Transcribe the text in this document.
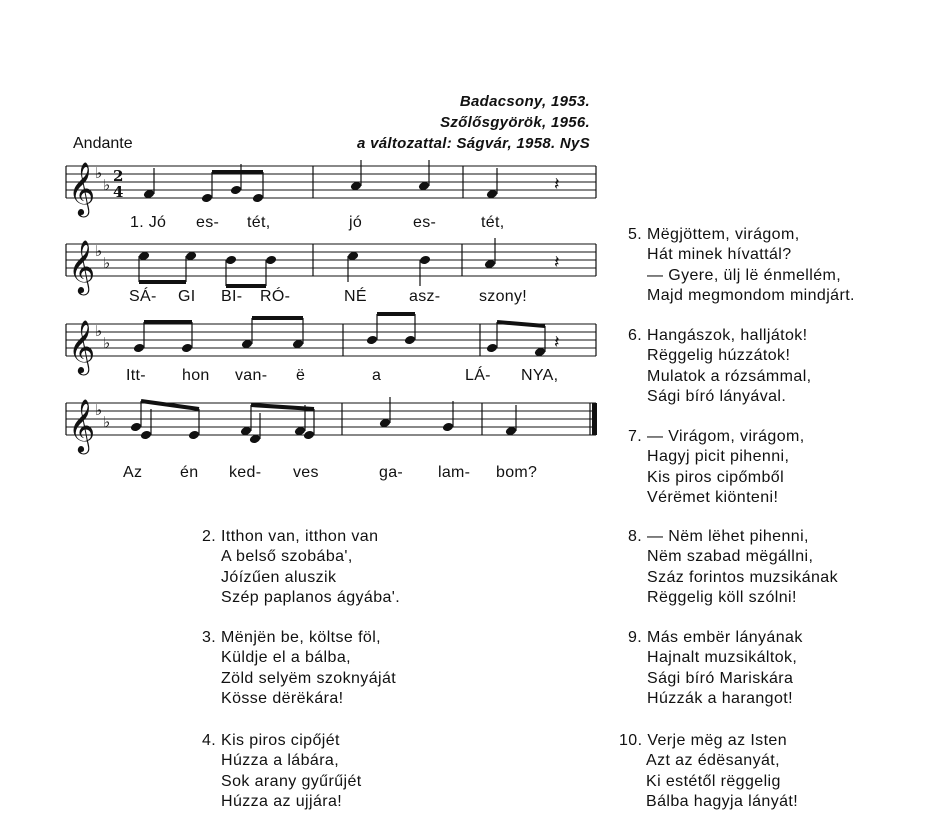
Badacsony, 1953.
Szőlősgyörök, 1956.
a változattal: Ságvár, 1958. NyS
Andante
𝄞 ♭
♭ 2
4	𝄽
𝄞 ♭
♭	𝄽
𝄞 ♭
♭	𝄽
𝄞 ♭
♭
1. Jó es- tét,	jó	es-	tét,
SÁ- GI BI- RÓ-	NÉ	asz- szony!
Itt- hon van- ë	a	LÁ- NYA,
Az én ked- ves	ga- lam- bom?
2. Itthon van, itthon van
A belső szobába',
Jóízűen aluszik
Szép paplanos ágyába'.
3. Mënjën be, költse föl,
Küldje el a bálba,
Zöld selyëm szoknyáját
Kösse dërëkára!
4. Kis piros cipőjét
Húzza a lábára,
Sok arany gyűrűjét
Húzza az ujjára!
5. Mëgjöttem, virágom,
Hát minek hívattál?
— Gyere, ülj lë énmellém,
Majd megmondom mindjárt.
6. Hangászok, halljátok!
Rëggelig húzzátok!
Mulatok a rózsámmal,
Sági bíró lányával.
7. — Virágom, virágom,
Hagyj picit pihenni,
Kis piros cipőmből
Vérëmet kiönteni!
8. — Nëm lëhet pihenni,
Nëm szabad mëgállni,
Száz forintos muzsikának
Rëggelig köll szólni!
9. Más embër lányának
Hajnalt muzsikáltok,
Sági bíró Mariskára
Húzzák a harangot!
10. Verje mëg az Isten
Azt az édësanyát,
Ki estétől rëggelig
Bálba hagyja lányát!
